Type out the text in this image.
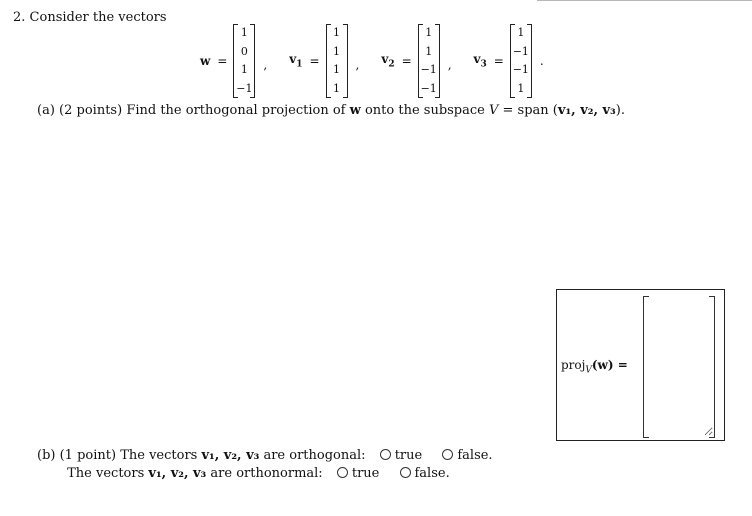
2. Consider the vectors
w =
1
0
1
−1
, $v_1$ =
1
1
1
1
, $v_2$ =
1
1
−1
−1
, $v_3$ =
1
−1
−1
1
.
(a) (2 points) Find the orthogonal projection of w onto the subspace V = span (v₁, v₂, v₃).
proj$_V$(w) =
(b) (1 point) The vectors v₁, v₂, v₃ are orthogonal: true	false.
The vectors v₁, v₂, v₃ are orthonormal: true	false.
